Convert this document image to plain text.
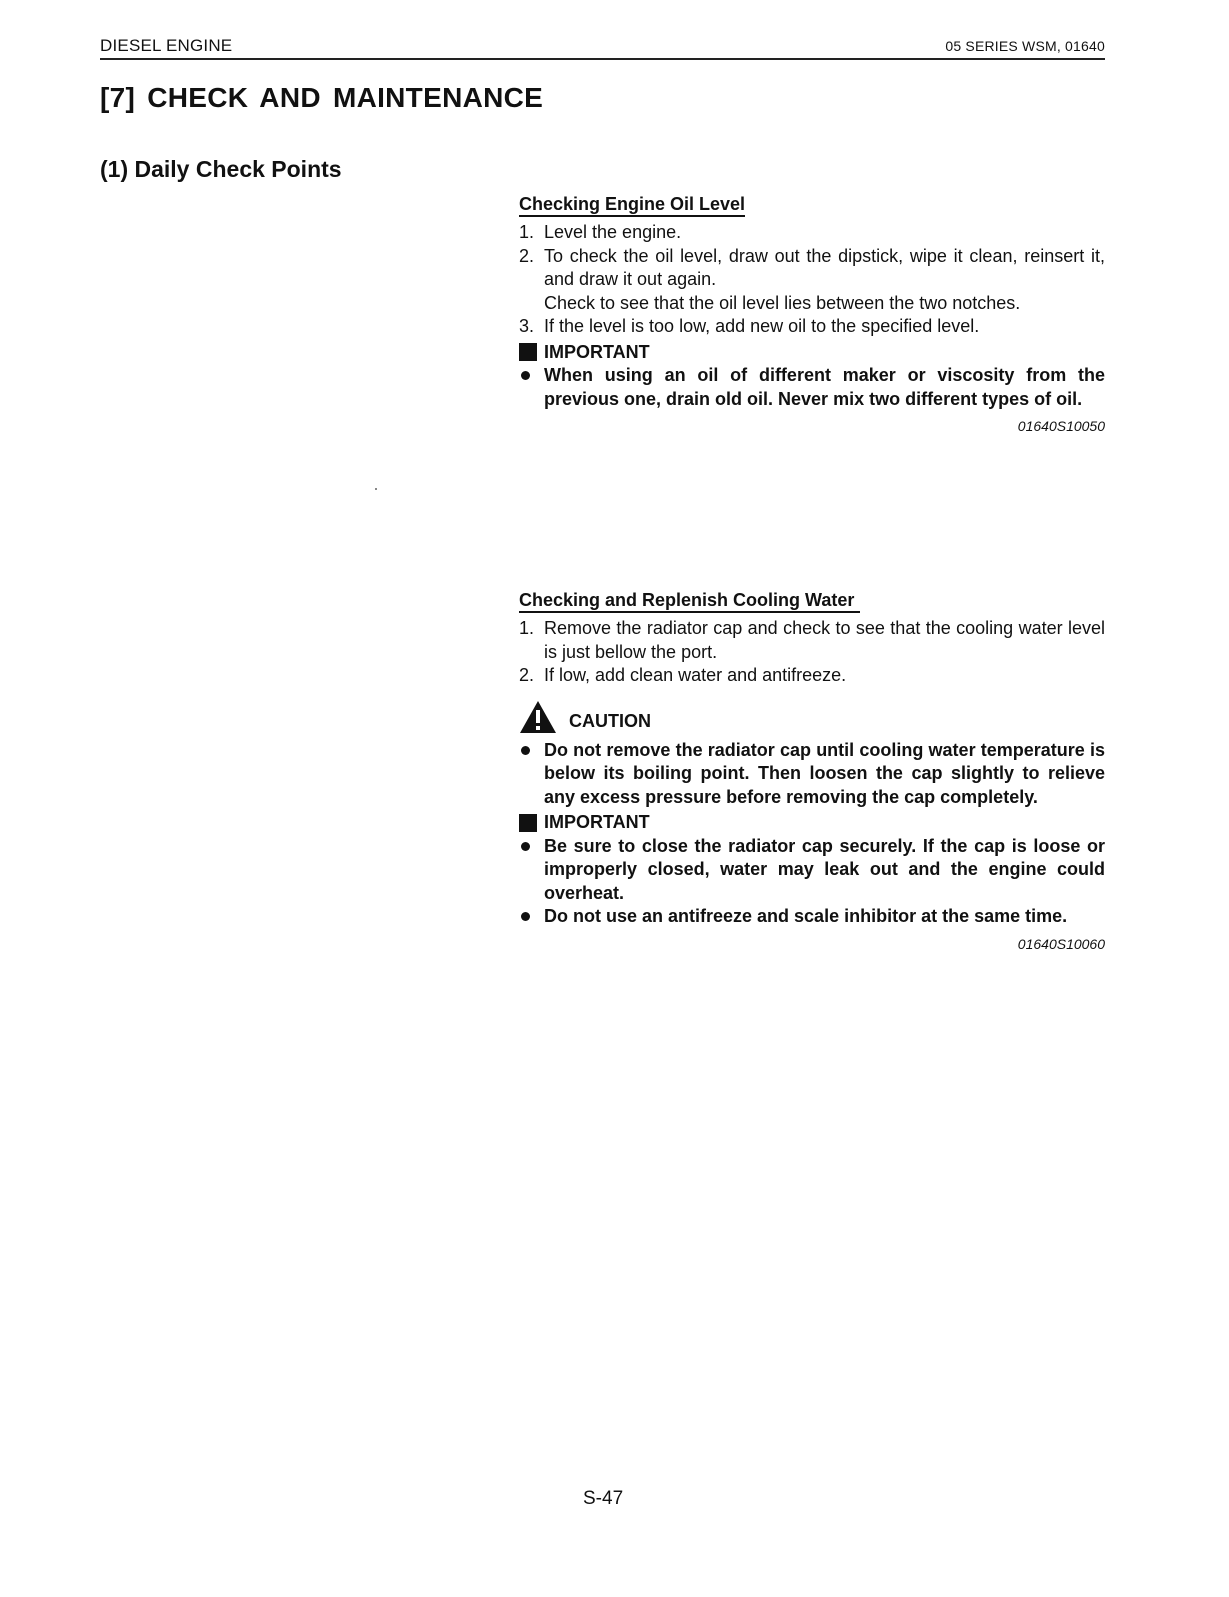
DIESEL ENGINE	05 SERIES WSM, 01640
[7] CHECK AND MAINTENANCE
(1) Daily Check Points
Checking Engine Oil Level
1. Level the engine.
2. To check the oil level, draw out the dipstick, wipe it clean, reinsert it, and draw it out again.
Check to see that the oil level lies between the two notches.
3. If the level is too low, add new oil to the specified level.
IMPORTANT
When using an oil of different maker or viscosity from the previous one, drain old oil. Never mix two different types of oil.
01640S10050
Checking and Replenish Cooling Water
1. Remove the radiator cap and check to see that the cooling water level is just bellow the port.
2. If low, add clean water and antifreeze.
CAUTION
Do not remove the radiator cap until cooling water temperature is below its boiling point. Then loosen the cap slightly to relieve any excess pressure before removing the cap completely.
IMPORTANT
Be sure to close the radiator cap securely. If the cap is loose or improperly closed, water may leak out and the engine could overheat.
Do not use an antifreeze and scale inhibitor at the same time.
01640S10060
S-47
